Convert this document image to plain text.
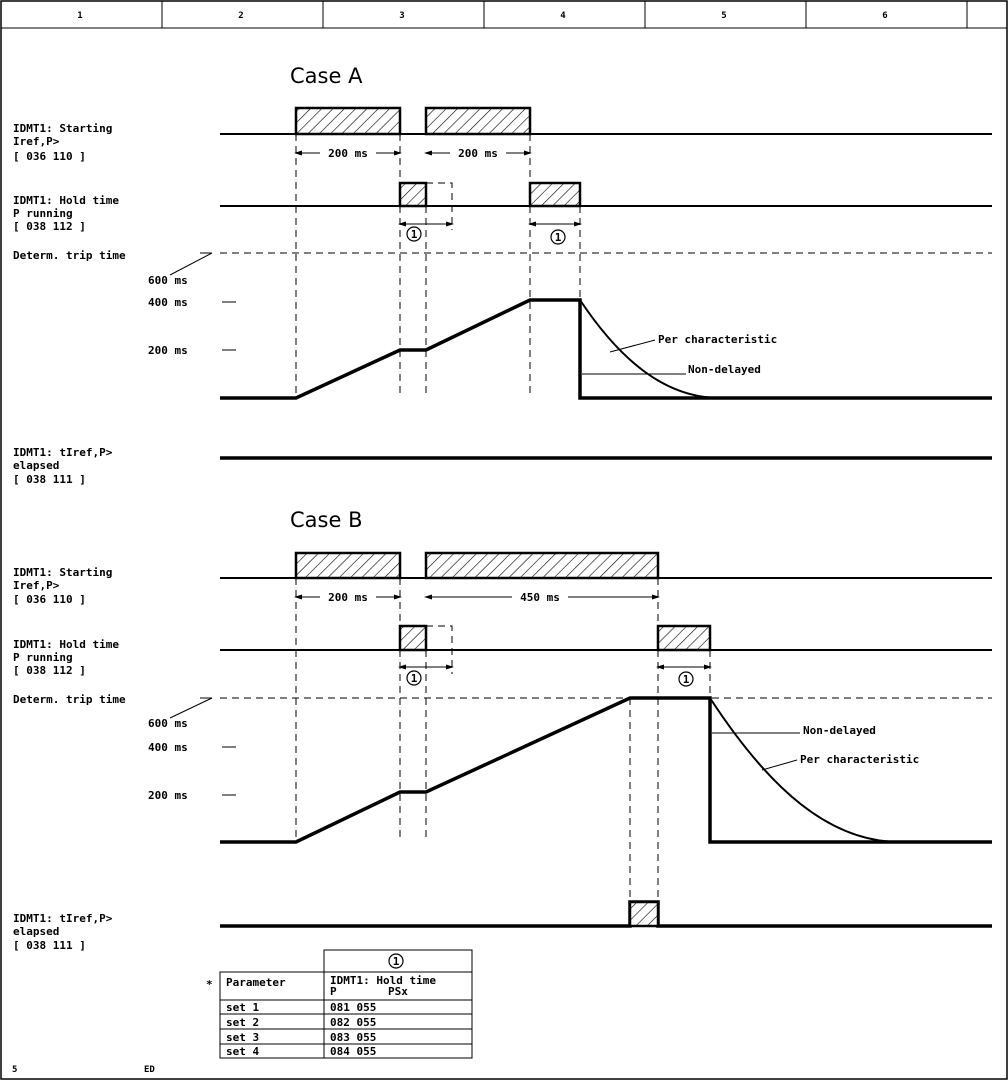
1	2	3	4	5	6
Case A
IDMT1: Starting
Iref,P>
[ 036 110 ]
IDMT1: Hold time
P running
[ 038 112 ]
Determ. trip time
600 ms
400 ms
200 ms
200 ms	200 ms
1	1
Per characteristic
Non-delayed
IDMT1: tIref,P>
elapsed
[ 038 111 ]
Case B
IDMT1: Starting
Iref,P>
[ 036 110 ]
IDMT1: Hold time
P running
[ 038 112 ]
Determ. trip time
600 ms
400 ms
200 ms
200 ms	450 ms
1	1
Non-delayed
Per characteristic
IDMT1: tIref,P>
elapsed
[ 038 111 ]
*
1
Parameter	IDMT1: Hold time
P	PSx
set 1	081 055
set 2	082 055
set 3	083 055
set 4	084 055
5	ED
